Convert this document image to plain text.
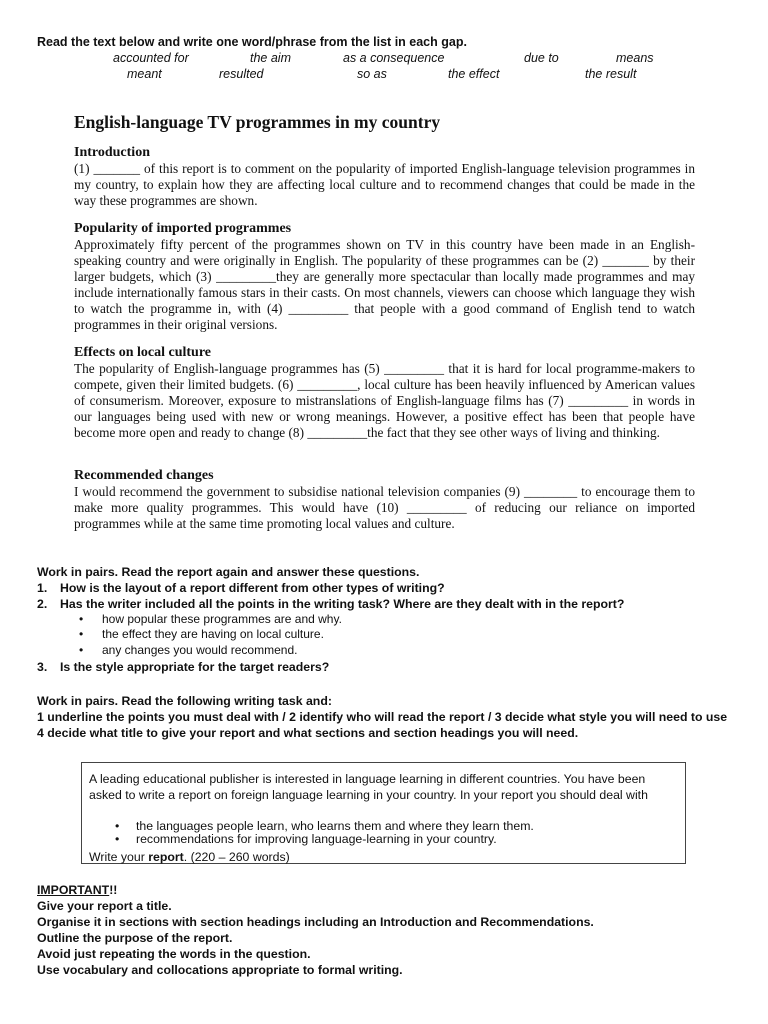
Read the text below and write one word/phrase from the list in each gap.
accounted for	the aim	as a consequence	due to	means
meant	resulted	so as	the effect	the result
English-language TV programmes in my country
Introduction

(1) _______ of this report is to comment on the popularity of imported English-language television programmes in my country, to explain how they are affecting local culture and to recommend changes that could be made in the way these programmes are shown.

Popularity of imported programmes

Approximately fifty percent of the programmes shown on TV in this country have been made in an English-speaking country and were originally in English. The popularity of these programmes can be (2) _______ by their larger budgets, which (3) _________they are generally more spectacular than locally made programmes and may include internationally famous stars in their casts. On most channels, viewers can choose which language they wish to watch the programme in, with (4) _________ that people with a good command of English tend to watch programmes in their original versions.

Effects on local culture

The popularity of English-language programmes has (5) _________ that it is hard for local programme-makers to compete, given their limited budgets. (6) _________, local culture has been heavily influenced by American values of consumerism. Moreover, exposure to mistranslations of English-language films has (7) _________ in words in our languages being used with new or wrong meanings. However, a positive effect has been that people have become more open and ready to change (8) _________the fact that they see other ways of living and thinking.

Recommended changes

I would recommend the government to subsidise national television companies (9) ________ to encourage them to make more quality programmes. This would have (10) _________ of reducing our reliance on imported programmes while at the same time promoting local values and culture.

Work in pairs. Read the report again and answer these questions.
1. How is the layout of a report different from other types of writing?
2. Has the writer included all the points in the writing task? Where are they dealt with in the report?
• how popular these programmes are and why.
• the effect they are having on local culture.
• any changes you would recommend.
3. Is the style appropriate for the target readers?
Work in pairs. Read the following writing task and:
1 underline the points you must deal with / 2 identify who will read the report / 3 decide what style you will need to use
4 decide what title to give your report and what sections and section headings you will need.

A leading educational publisher is interested in language learning in different countries. You have been asked to write a report on foreign language learning in your country. In your report you should deal with

• the languages people learn, who learns them and where they learn them.
• recommendations for improving language-learning in your country.
Write your report. (220 – 260 words)
IMPORTANT!!
Give your report a title.
Organise it in sections with section headings including an Introduction and Recommendations.
Outline the purpose of the report.
Avoid just repeating the words in the question.
Use vocabulary and collocations appropriate to formal writing.
